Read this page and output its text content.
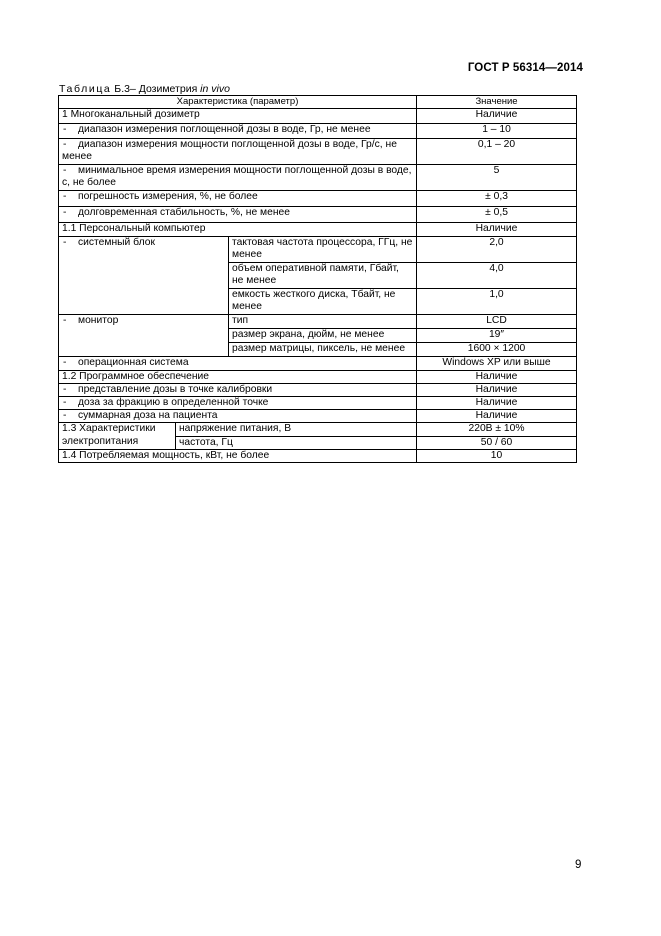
ГОСТ Р 56314—2014
Таблица Б.3– Дозиметрия in vivo
Характеристика (параметр)			Значение
1 Многоканальный дозиметр			Наличие
- диапазон измерения поглощенной дозы в воде, Гр, не менее			1 – 10
- диапазон измерения мощности поглощенной дозы в воде, Гр/с, не менее			0,1 – 20
- минимальное время измерения мощности поглощенной дозы в воде, с, не более			5
- погрешность измерения, %, не более			± 0,3
- долговременная стабильность, %, не менее			± 0,5
1.1 Персональный компьютер			Наличие
- системный блок		тактовая частота процессора, ГГц, не менее	2,0
		объем оперативной памяти, Гбайт, не менее	4,0
		емкость жесткого диска, Тбайт, не менее	1,0
- монитор		тип	LCD
		размер экрана, дюйм, не менее	19″
		размер матрицы, пиксель, не менее	1600 × 1200
- операционная система			Windows XP или выше
1.2 Программное обеспечение			Наличие
- представление дозы в точке калибровки			Наличие
- доза за фракцию в определенной точке			Наличие
- суммарная доза на пациента			Наличие
1.3 Характеристики электропитания	напряжение питания, В		220В ± 10%
	частота, Гц		50 / 60
1.4 Потребляемая мощность, кВт, не более			10
9
